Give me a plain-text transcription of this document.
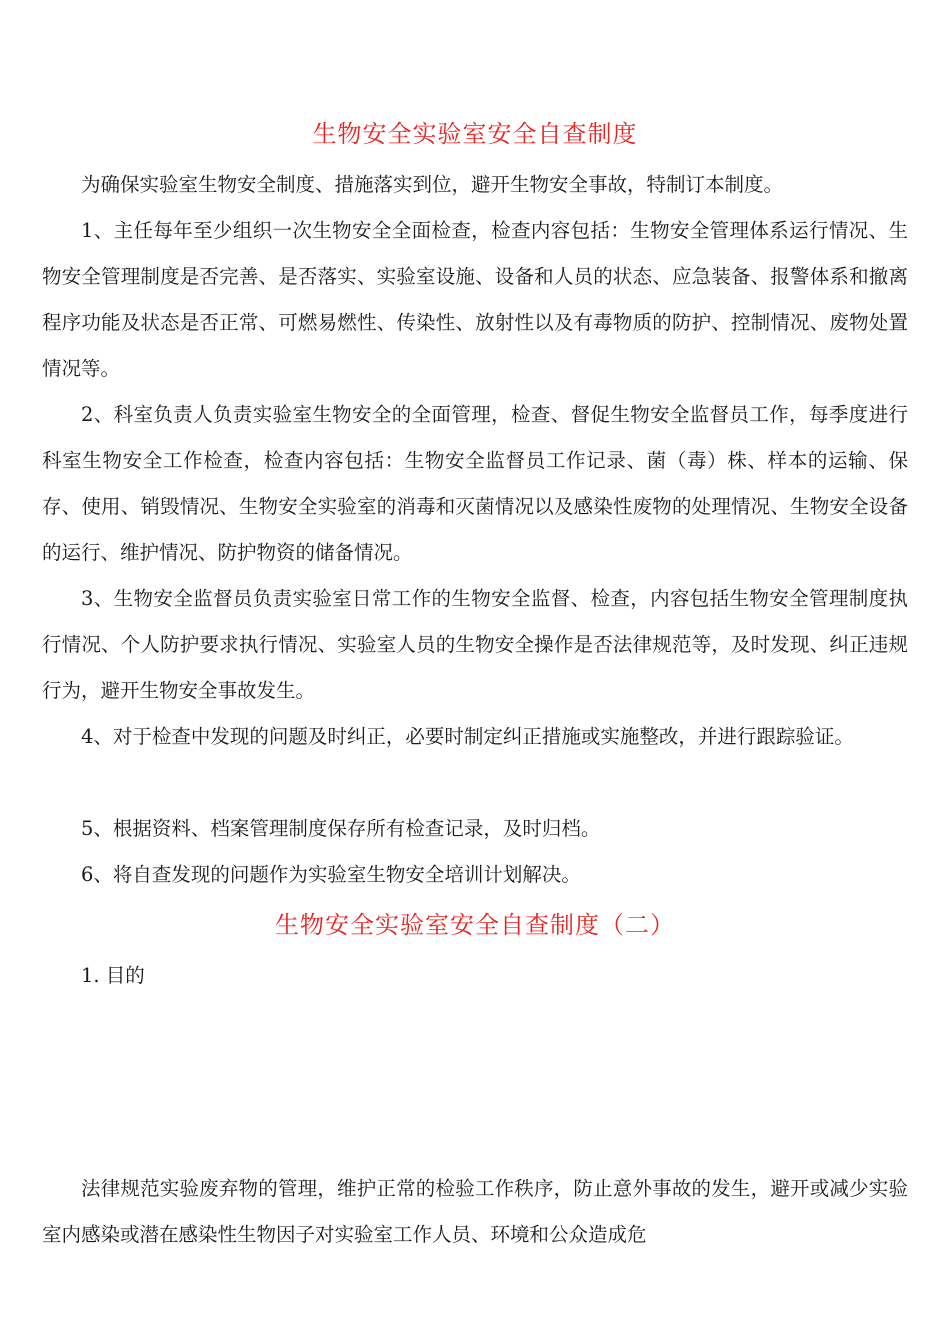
生物安全实验室安全自查制度
为确保实验室生物安全制度、措施落实到位，避开生物安全事故，特制订本制度。
1、主任每年至少组织一次生物安全全面检查，检查内容包括：生物安全管理体系运行情况、生物安全管理制度是否完善、是否落实、实验室设施、设备和人员的状态、应急装备、报警体系和撤离程序功能及状态是否正常、可燃易燃性、传染性、放射性以及有毒物质的防护、控制情况、废物处置情况等。
2、科室负责人负责实验室生物安全的全面管理，检查、督促生物安全监督员工作，每季度进行科室生物安全工作检查，检查内容包括：生物安全监督员工作记录、菌（毒）株、样本的运输、保存、使用、销毁情况、生物安全实验室的消毒和灭菌情况以及感染性废物的处理情况、生物安全设备的运行、维护情况、防护物资的储备情况。
3、生物安全监督员负责实验室日常工作的生物安全监督、检查，内容包括生物安全管理制度执行情况、个人防护要求执行情况、实验室人员的生物安全操作是否法律规范等，及时发现、纠正违规行为，避开生物安全事故发生。
4、对于检查中发现的问题及时纠正，必要时制定纠正措施或实施整改，并进行跟踪验证。
5、根据资料、档案管理制度保存所有检查记录，及时归档。
6、将自查发现的问题作为实验室生物安全培训计划解决。
生物安全实验室安全自查制度（二）
1. 目的
法律规范实验废弃物的管理，维护正常的检验工作秩序，防止意外事故的发生，避开或减少实验室内感染或潜在感染性生物因子对实验室工作人员、环境和公众造成危
